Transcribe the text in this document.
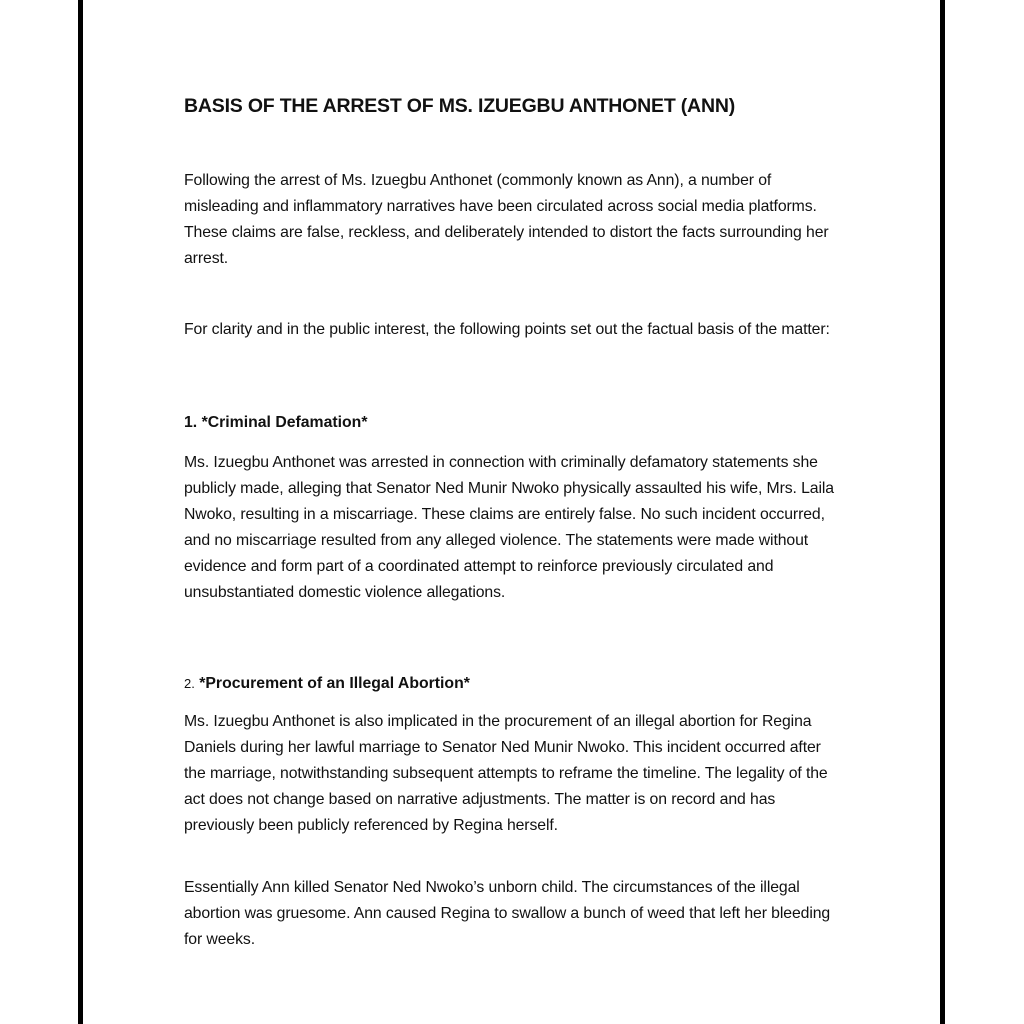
BASIS OF THE ARREST OF MS. IZUEGBU ANTHONET (ANN)
Following the arrest of Ms. Izuegbu Anthonet (commonly known as Ann), a number of misleading and inflammatory narratives have been circulated across social media platforms. These claims are false, reckless, and deliberately intended to distort the facts surrounding her arrest.
For clarity and in the public interest, the following points set out the factual basis of the matter:
1. *Criminal Defamation*
Ms. Izuegbu Anthonet was arrested in connection with criminally defamatory statements she publicly made, alleging that Senator Ned Munir Nwoko physically assaulted his wife, Mrs. Laila Nwoko, resulting in a miscarriage. These claims are entirely false. No such incident occurred, and no miscarriage resulted from any alleged violence. The statements were made without evidence and form part of a coordinated attempt to reinforce previously circulated and unsubstantiated domestic violence allegations.
2. *Procurement of an Illegal Abortion*
Ms. Izuegbu Anthonet is also implicated in the procurement of an illegal abortion for Regina Daniels during her lawful marriage to Senator Ned Munir Nwoko. This incident occurred after the marriage, notwithstanding subsequent attempts to reframe the timeline. The legality of the act does not change based on narrative adjustments. The matter is on record and has previously been publicly referenced by Regina herself.
Essentially Ann killed Senator Ned Nwoko’s unborn child. The circumstances of the illegal abortion was gruesome. Ann caused Regina to swallow a bunch of weed that left her bleeding for weeks.
